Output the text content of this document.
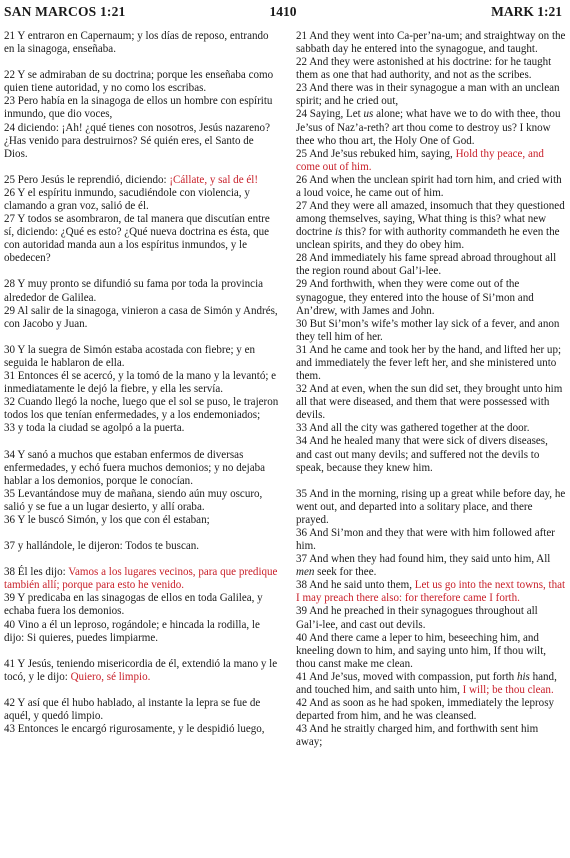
SAN MARCOS 1:21	1410	MARK 1:21

21 Y entraron en Capernaum; y los días de reposo, entrando en la sinagoga, enseñaba.

22 Y se admiraban de su doctrina; porque les enseñaba como quien tiene autoridad, y no como los escribas.

23 Pero había en la sinagoga de ellos un hombre con espíritu inmundo, que dio voces,

24 diciendo: ¡Ah! ¿qué tienes con nosotros, Jesús nazareno? ¿Has venido para destruirnos? Sé quién eres, el Santo de Dios.

25 Pero Jesús le reprendió, diciendo: ¡Cállate, y sal de él!

26 Y el espíritu inmundo, sacudiéndole con violencia, y clamando a gran voz, salió de él.

27 Y todos se asombraron, de tal manera que discutían entre sí, diciendo: ¿Qué es esto? ¿Qué nueva doctrina es ésta, que con autoridad manda aun a los espíritus inmundos, y le obedecen?

28 Y muy pronto se difundió su fama por toda la provincia alrededor de Galilea.

29 Al salir de la sinagoga, vinieron a casa de Simón y Andrés, con Jacobo y Juan.

30 Y la suegra de Simón estaba acostada con fiebre; y en seguida le hablaron de ella.

31 Entonces él se acercó, y la tomó de la mano y la levantó; e inmediatamente le dejó la fiebre, y ella les servía.

32 Cuando llegó la noche, luego que el sol se puso, le trajeron todos los que tenían enfermedades, y a los endemoniados;

33 y toda la ciudad se agolpó a la puerta.

34 Y sanó a muchos que estaban enfermos de diversas enfermedades, y echó fuera muchos demonios; y no dejaba hablar a los demonios, porque le conocían.

35 Levantándose muy de mañana, siendo aún muy oscuro, salió y se fue a un lugar desierto, y allí oraba.

36 Y le buscó Simón, y los que con él estaban;

37 y hallándole, le dijeron: Todos te buscan.

38 Él les dijo: Vamos a los lugares vecinos, para que predique también allí; porque para esto he venido.

39 Y predicaba en las sinagogas de ellos en toda Galilea, y echaba fuera los demonios.

40 Vino a él un leproso, rogándole; e hincada la rodilla, le dijo: Si quieres, puedes limpiarme.

41 Y Jesús, teniendo misericordia de él, extendió la mano y le tocó, y le dijo: Quiero, sé limpio.

42 Y así que él hubo hablado, al instante la lepra se fue de aquél, y quedó limpio.

43 Entonces le encargó rigurosamente, y le despidió luego,

21 And they went into Ca-per’na-um; and straightway on the sabbath day he entered into the synagogue, and taught.

22 And they were astonished at his doctrine: for he taught them as one that had authority, and not as the scribes.

23 And there was in their synagogue a man with an unclean spirit; and he cried out,

24 Saying, Let us alone; what have we to do with thee, thou Je’sus of Naz’a-reth? art thou come to destroy us? I know thee who thou art, the Holy One of God.

25 And Je’sus rebuked him, saying, Hold thy peace, and come out of him.

26 And when the unclean spirit had torn him, and cried with a loud voice, he came out of him.

27 And they were all amazed, insomuch that they questioned among themselves, saying, What thing is this? what new doctrine is this? for with authority commandeth he even the unclean spirits, and they do obey him.

28 And immediately his fame spread abroad throughout all the region round about Gal’i-lee.

29 And forthwith, when they were come out of the synagogue, they entered into the house of Si’mon and An’drew, with James and John.

30 But Si’mon’s wife’s mother lay sick of a fever, and anon they tell him of her.

31 And he came and took her by the hand, and lifted her up; and immediately the fever left her, and she ministered unto them.

32 And at even, when the sun did set, they brought unto him all that were diseased, and them that were possessed with devils.

33 And all the city was gathered together at the door.

34 And he healed many that were sick of divers diseases, and cast out many devils; and suffered not the devils to speak, because they knew him.

35 And in the morning, rising up a great while before day, he went out, and departed into a solitary place, and there prayed.

36 And Si’mon and they that were with him followed after him.

37 And when they had found him, they said unto him, All men seek for thee.

38 And he said unto them, Let us go into the next towns, that I may preach there also: for therefore came I forth.

39 And he preached in their synagogues throughout all Gal’i-lee, and cast out devils.

40 And there came a leper to him, beseeching him, and kneeling down to him, and saying unto him, If thou wilt, thou canst make me clean.

41 And Je’sus, moved with compassion, put forth his hand, and touched him, and saith unto him, I will; be thou clean.

42 And as soon as he had spoken, immediately the leprosy departed from him, and he was cleansed.

43 And he straitly charged him, and forthwith sent him away;
